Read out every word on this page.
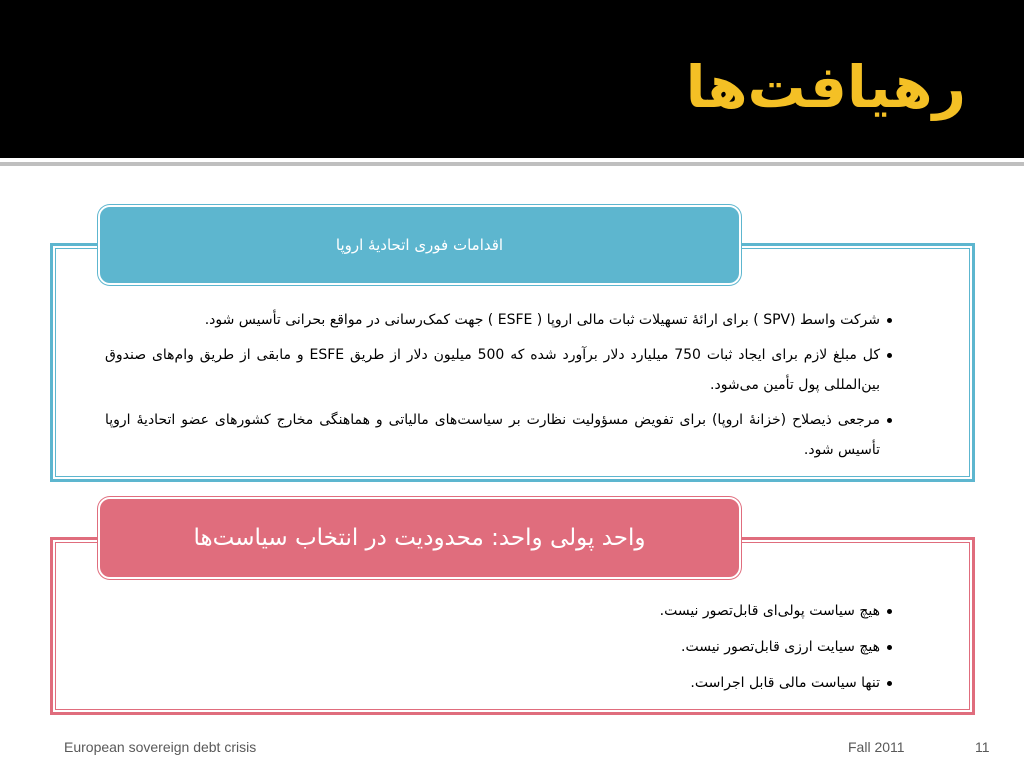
رهیافت‌ها
اقدامات فوری اتحادیهٔ اروپا
شرکت واسط (SPV ) برای ارائهٔ تسهیلات ثبات مالی اروپا ( ESFE ) جهت کمک‌رسانی در مواقع بحرانی تأسیس شود.
کل مبلغ لازم برای ایجاد ثبات 750 میلیارد دلار برآورد شده که 500 میلیون دلار از طریق ESFE و مابقی از طریق وام‌های صندوق بین‌المللی پول تأمین می‌شود.
مرجعی ذیصلاح (خزانهٔ اروپا) برای تفویض مسؤولیت نظارت بر سیاست‌های مالیاتی و هماهنگی مخارج کشورهای عضو اتحادیهٔ اروپا تأسیس شود.
واحد پولی واحد: محدودیت در انتخاب سیاست‌ها
هیچ سیاست پولی‌ای قابل‌تصور نیست.
هیچ سیایت ارزی قابل‌تصور نیست.
تنها سیاست مالی قابل اجراست.
European sovereign debt crisis	Fall 2011	11
